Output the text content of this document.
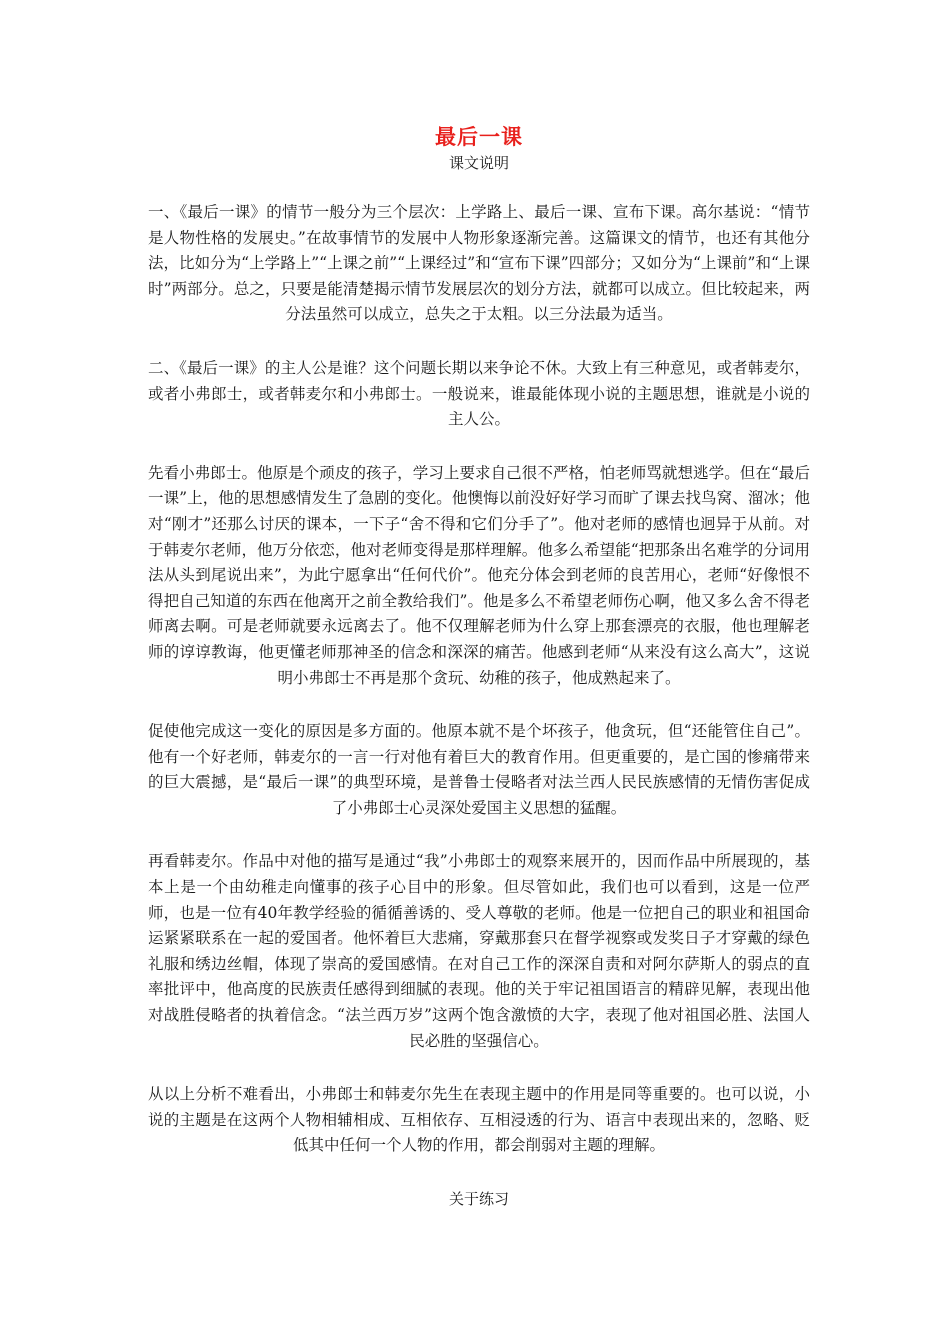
最后一课
课文说明

一、《最后一课》的情节一般分为三个层次：上学路上、最后一课、宣布下课。高尔基说：“情节是人物性格的发展史。”在故事情节的发展中人物形象逐渐完善。这篇课文的情节，也还有其他分法，比如分为“上学路上”“上课之前”“上课经过”和“宣布下课”四部分；又如分为“上课前”和“上课时”两部分。总之，只要是能清楚揭示情节发展层次的划分方法，就都可以成立。但比较起来，两分法虽然可以成立，总失之于太粗。以三分法最为适当。

二、《最后一课》的主人公是谁？这个问题长期以来争论不休。大致上有三种意见，或者韩麦尔，或者小弗郎士，或者韩麦尔和小弗郎士。一般说来，谁最能体现小说的主题思想，谁就是小说的主人公。

先看小弗郎士。他原是个顽皮的孩子，学习上要求自己很不严格，怕老师骂就想逃学。但在“最后一课”上，他的思想感情发生了急剧的变化。他懊悔以前没好好学习而旷了课去找鸟窝、溜冰；他对“刚才”还那么讨厌的课本，一下子“舍不得和它们分手了”。他对老师的感情也迥异于从前。对于韩麦尔老师，他万分依恋，他对老师变得是那样理解。他多么希望能“把那条出名难学的分词用法从头到尾说出来”，为此宁愿拿出“任何代价”。他充分体会到老师的良苦用心，老师“好像恨不得把自己知道的东西在他离开之前全教给我们”。他是多么不希望老师伤心啊，他又多么舍不得老师离去啊。可是老师就要永远离去了。他不仅理解老师为什么穿上那套漂亮的衣服，他也理解老师的谆谆教诲，他更懂老师那神圣的信念和深深的痛苦。他感到老师“从来没有这么高大”，这说明小弗郎士不再是那个贪玩、幼稚的孩子，他成熟起来了。

促使他完成这一变化的原因是多方面的。他原本就不是个坏孩子，他贪玩，但“还能管住自己”。他有一个好老师，韩麦尔的一言一行对他有着巨大的教育作用。但更重要的，是亡国的惨痛带来的巨大震撼，是“最后一课”的典型环境，是普鲁士侵略者对法兰西人民民族感情的无情伤害促成了小弗郎士心灵深处爱国主义思想的猛醒。

再看韩麦尔。作品中对他的描写是通过“我”小弗郎士的观察来展开的，因而作品中所展现的，基本上是一个由幼稚走向懂事的孩子心目中的形象。但尽管如此，我们也可以看到，这是一位严师，也是一位有40年教学经验的循循善诱的、受人尊敬的老师。他是一位把自己的职业和祖国命运紧紧联系在一起的爱国者。他怀着巨大悲痛，穿戴那套只在督学视察或发奖日子才穿戴的绿色礼服和绣边丝帽，体现了崇高的爱国感情。在对自己工作的深深自责和对阿尔萨斯人的弱点的直率批评中，他高度的民族责任感得到细腻的表现。他的关于牢记祖国语言的精辟见解，表现出他对战胜侵略者的执着信念。“法兰西万岁”这两个饱含激愤的大字，表现了他对祖国必胜、法国人民必胜的坚强信心。

从以上分析不难看出，小弗郎士和韩麦尔先生在表现主题中的作用是同等重要的。也可以说，小说的主题是在这两个人物相辅相成、互相依存、互相浸透的行为、语言中表现出来的，忽略、贬低其中任何一个人物的作用，都会削弱对主题的理解。

关于练习
